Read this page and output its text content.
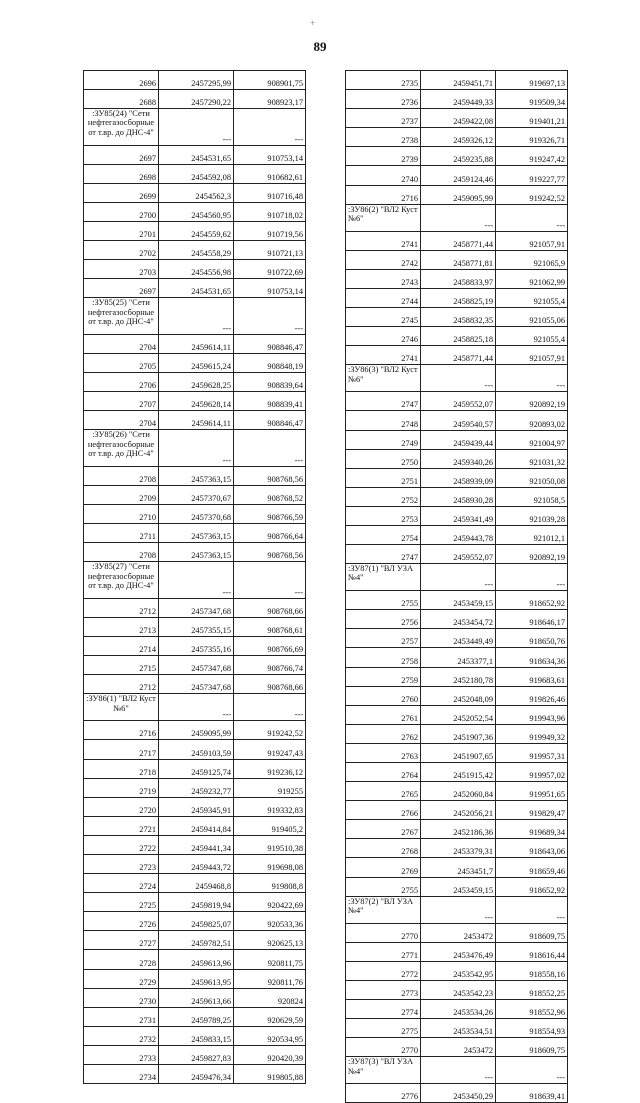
+
89
2696	2457295,99	908901,75
2688	2457290,22	908923,17
:ЗУ85(24) "Сети нефтегазосборные от т.вр. до ДНС-4"	---	---
2697	2454531,65	910753,14
2698	2454592,08	910682,61
2699	2454562,3	910716,48
2700	2454560,95	910718,02
2701	2454559,62	910719,56
2702	2454558,29	910721,13
2703	2454556,98	910722,69
2697	2454531,65	910753,14
:ЗУ85(25) "Сети нефтегазосборные от т.вр. до ДНС-4"	---	---
2704	2459614,11	908846,47
2705	2459615,24	908848,19
2706	2459628,25	908839,64
2707	2459628,14	908839,41
2704	2459614,11	908846,47
:ЗУ85(26) "Сети нефтегазосборные от т.вр. до ДНС-4"	---	---
2708	2457363,15	908768,56
2709	2457370,67	908768,52
2710	2457370,68	908766,59
2711	2457363,15	908766,64
2708	2457363,15	908768,56
:ЗУ85(27) "Сети нефтегазосборные от т.вр. до ДНС-4"	---	---
2712	2457347,68	908768,66
2713	2457355,15	908768,61
2714	2457355,16	908766,69
2715	2457347,68	908766,74
2712	2457347,68	908768,66
:ЗУ86(1) "ВЛ2 Куст №6"	---	---
2716	2459095,99	919242,52
2717	2459103,59	919247,43
2718	2459125,74	919236,12
2719	2459232,77	919255
2720	2459345,91	919332,83
2721	2459414,84	919405,2
2722	2459441,34	919510,38
2723	2459443,72	919698,08
2724	2459468,8	919808,8
2725	2459819,94	920422,69
2726	2459825,07	920533,36
2727	2459782,51	920625,13
2728	2459613,96	920811,75
2729	2459613,95	920811,76
2730	2459613,66	920824
2731	2459789,25	920629,59
2732	2459833,15	920534,95
2733	2459827,83	920420,39
2734	2459476,34	919805,88
2735	2459451,71	919697,13
2736	2459449,33	919509,34
2737	2459422,08	919401,21
2738	2459326,12	919326,71
2739	2459235,88	919247,42
2740	2459124,46	919227,77
2716	2459095,99	919242,52
:ЗУ86(2) "ВЛ2 Куст №6"	---	---
2741	2458771,44	921057,91
2742	2458771,81	921065,9
2743	2458833,97	921062,99
2744	2458825,19	921055,4
2745	2458832,35	921055,06
2746	2458825,18	921055,4
2741	2458771,44	921057,91
:ЗУ86(3) "ВЛ2 Куст №6"	---	---
2747	2459552,07	920892,19
2748	2459540,57	920893,02
2749	2459439,44	921004,97
2750	2459340,26	921031,32
2751	2458939,09	921050,08
2752	2458930,28	921058,5
2753	2459341,49	921039,28
2754	2459443,78	921012,1
2747	2459552,07	920892,19
:ЗУ87(1) "ВЛ УЗА №4"	---	---
2755	2453459,15	918652,92
2756	2453454,72	918646,17
2757	2453449,49	918650,76
2758	2453377,1	918634,36
2759	2452180,78	919683,61
2760	2452048,09	919826,46
2761	2452052,54	919943,96
2762	2451907,36	919949,32
2763	2451907,65	919957,31
2764	2451915,42	919957,02
2765	2452060,84	919951,65
2766	2452056,21	919829,47
2767	2452186,36	919689,34
2768	2453379,31	918643,06
2769	2453451,7	918659,46
2755	2453459,15	918652,92
:ЗУ87(2) "ВЛ УЗА №4"	---	---
2770	2453472	918609,75
2771	2453476,49	918616,44
2772	2453542,95	918558,16
2773	2453542,23	918552,25
2774	2453534,26	918552,96
2775	2453534,51	918554,93
2770	2453472	918609,75
:ЗУ87(3) "ВЛ УЗА №4"	---	---
2776	2453450,29	918639,41
